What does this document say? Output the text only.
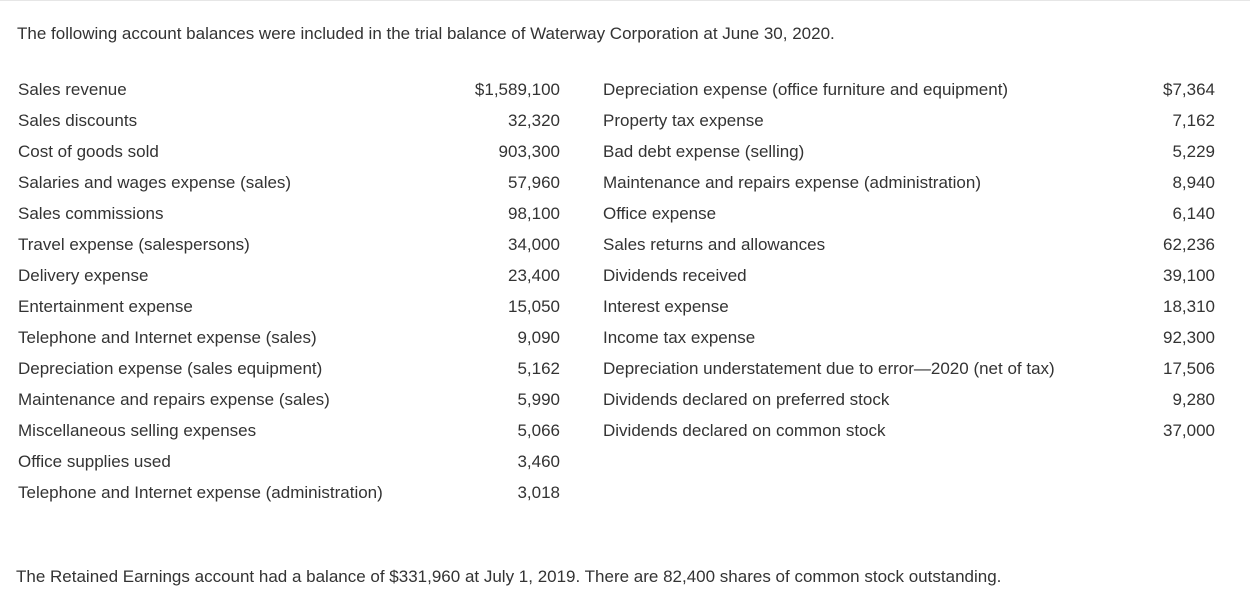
The following account balances were included in the trial balance of Waterway Corporation at June 30, 2020.
Sales revenue	$1,589,100
Sales discounts	32,320
Cost of goods sold	903,300
Salaries and wages expense (sales)	57,960
Sales commissions	98,100
Travel expense (salespersons)	34,000
Delivery expense	23,400
Entertainment expense	15,050
Telephone and Internet expense (sales)	9,090
Depreciation expense (sales equipment)	5,162
Maintenance and repairs expense (sales)	5,990
Miscellaneous selling expenses	5,066
Office supplies used	3,460
Telephone and Internet expense (administration)	3,018
Depreciation expense (office furniture and equipment)	$7,364
Property tax expense	7,162
Bad debt expense (selling)	5,229
Maintenance and repairs expense (administration)	8,940
Office expense	6,140
Sales returns and allowances	62,236
Dividends received	39,100
Interest expense	18,310
Income tax expense	92,300
Depreciation understatement due to error—2020 (net of tax)	17,506
Dividends declared on preferred stock	9,280
Dividends declared on common stock	37,000
The Retained Earnings account had a balance of $331,960 at July 1, 2019. There are 82,400 shares of common stock outstanding.
